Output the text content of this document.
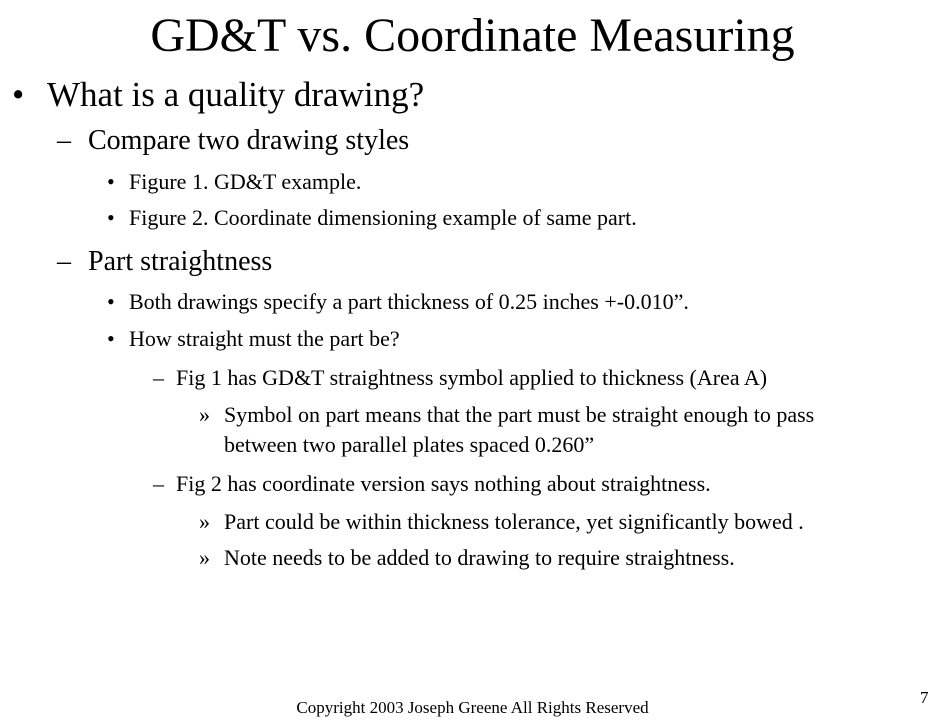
GD&T vs. Coordinate Measuring
• What is a quality drawing?
– Compare two drawing styles
• Figure 1. GD&T example.
• Figure 2. Coordinate dimensioning example of same part.
– Part straightness
• Both drawings specify a part thickness of 0.25 inches +-0.010”.
• How straight must the part be?
– Fig 1 has GD&T straightness symbol applied to thickness (Area A)
» Symbol on part means that the part must be straight enough to pass
between two parallel plates spaced 0.260”
– Fig 2 has coordinate version says nothing about straightness.
» Part could be within thickness tolerance, yet significantly bowed .
» Note needs to be added to drawing to require straightness.
Copyright 2003 Joseph Greene All Rights Reserved
7
